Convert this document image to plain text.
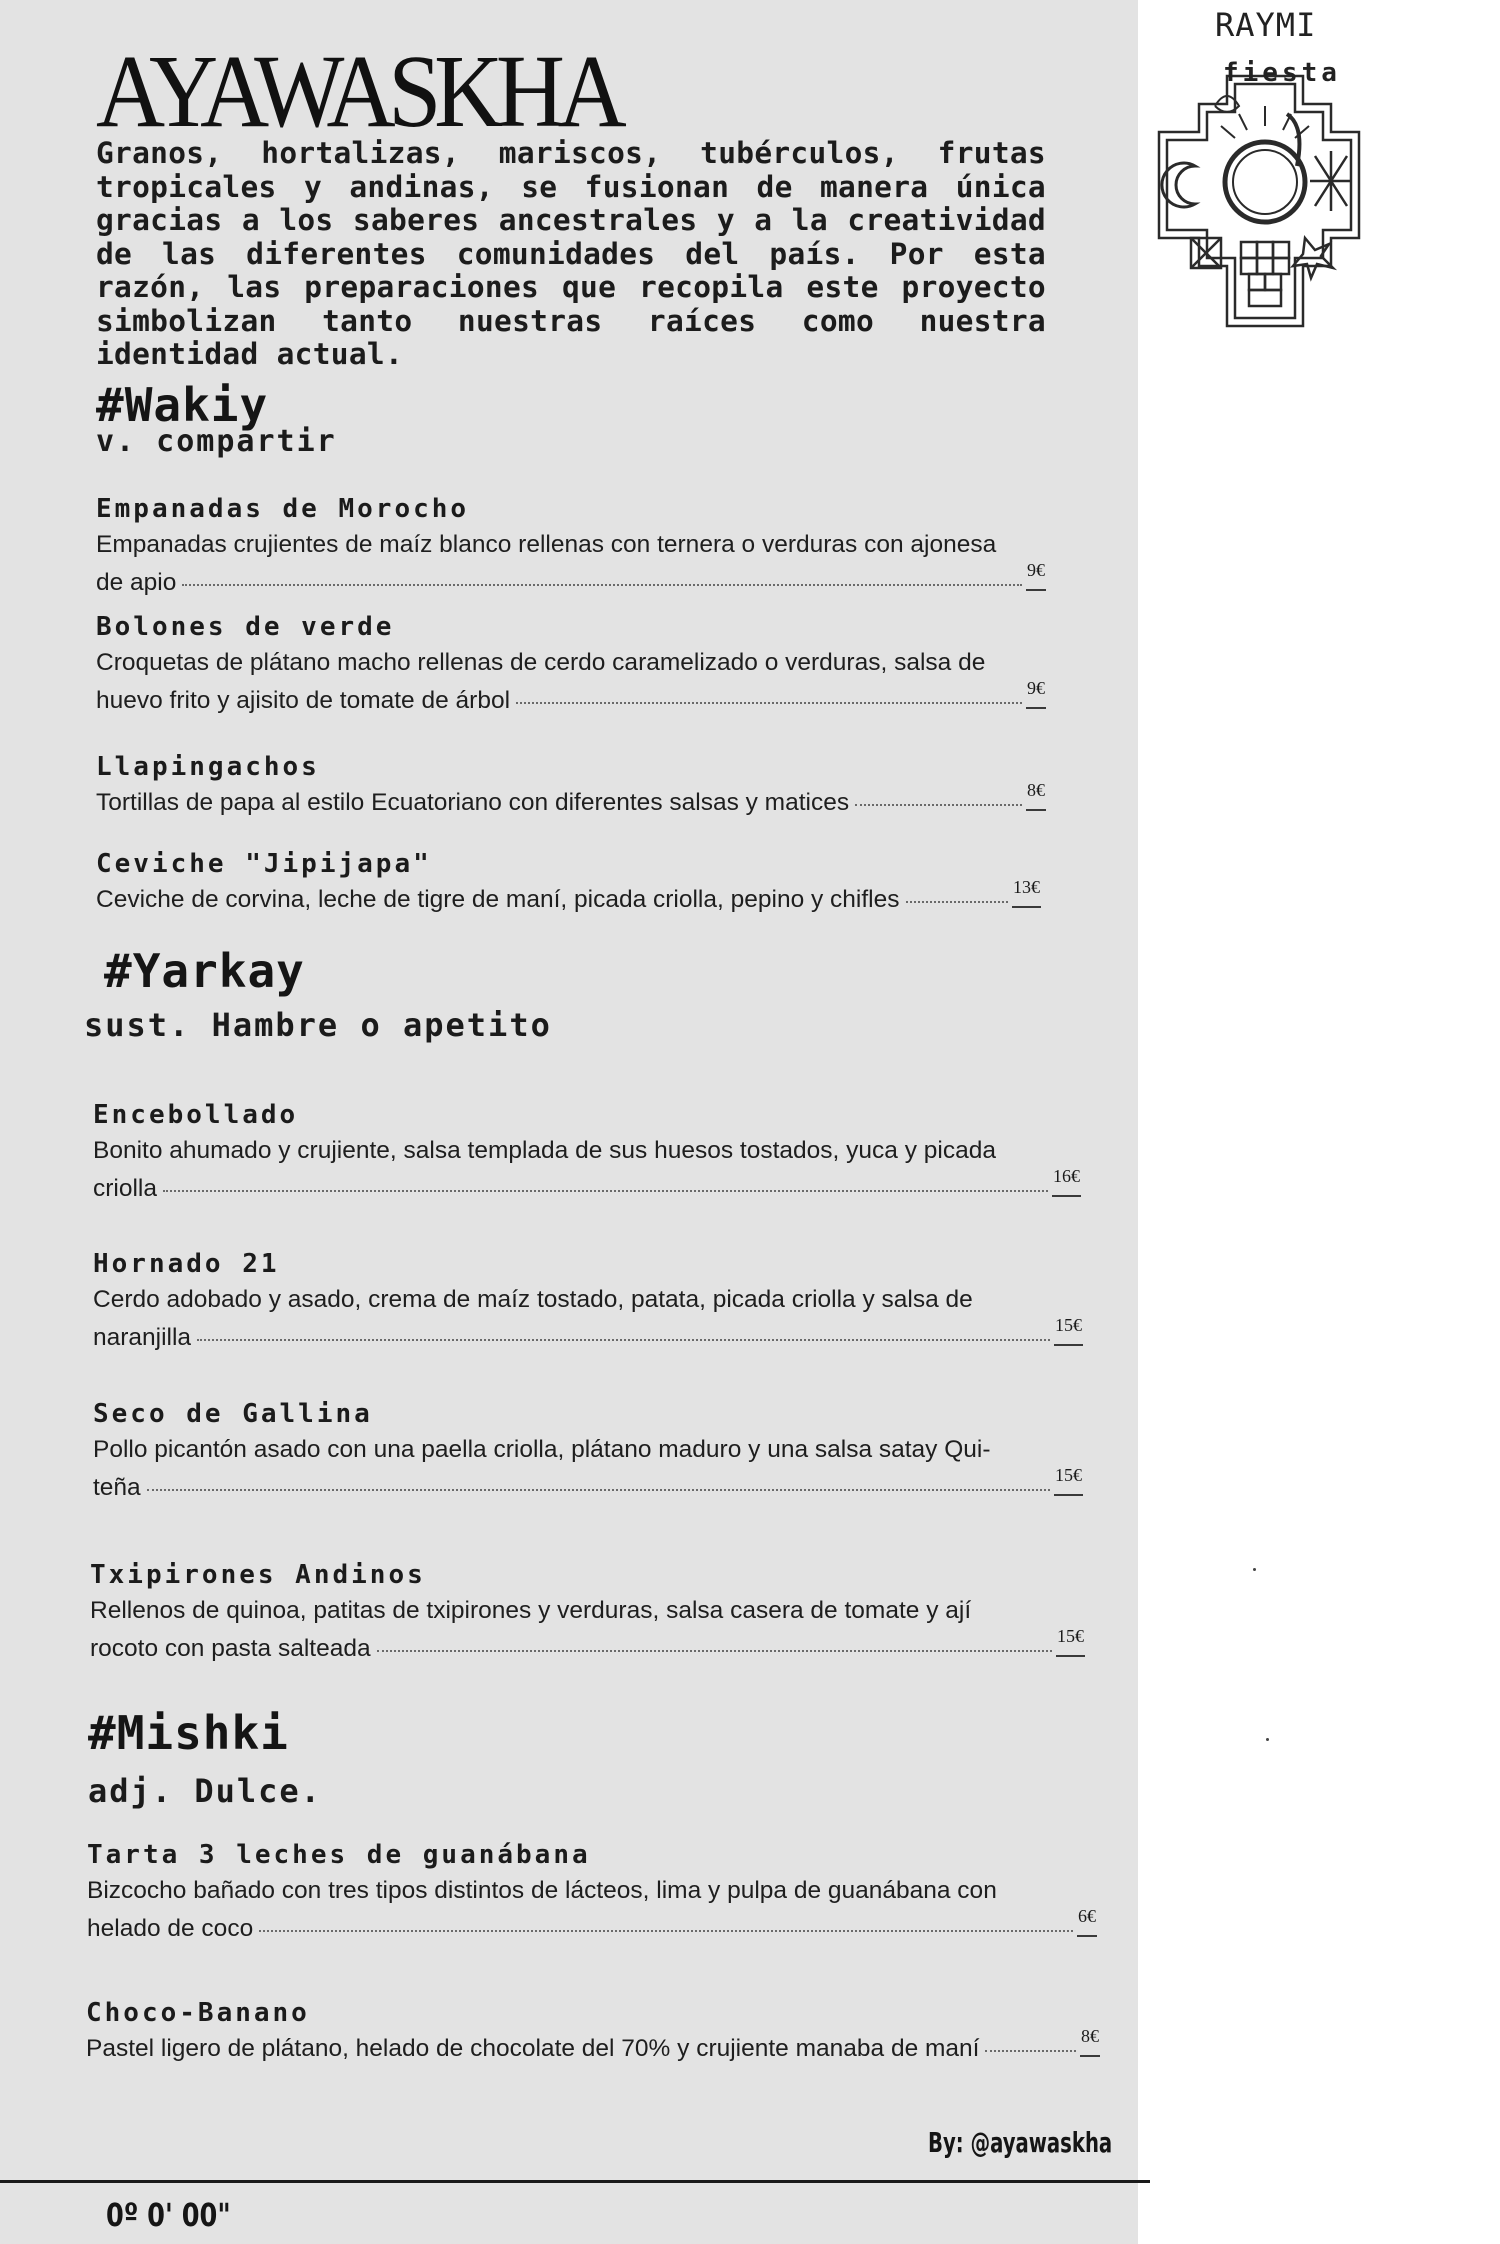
AYAWASKHA
Granos, hortalizas, mariscos, tubérculos, frutas tropicales y andinas, se fusionan de manera única gracias a los saberes ancestrales y a la creatividad de las diferentes comunidades del país. Por esta razón, las preparaciones que recopila este proyecto simbolizan tanto nuestras raíces como nuestra identidad actual.
RAYMI
fiesta
#Wakiy
v. compartir
Empanadas de Morocho
Empanadas crujientes de maíz blanco rellenas con ternera o verduras con ajonesa
de apio	9€
Bolones de verde
Croquetas de plátano macho rellenas de cerdo caramelizado o verduras, salsa de
huevo frito y ajisito de tomate de árbol	9€
Llapingachos
Tortillas de papa al estilo Ecuatoriano con diferentes salsas y matices	8€
Ceviche "Jipijapa"
Ceviche de corvina, leche de tigre de maní, picada criolla, pepino y chifles	13€
#Yarkay
sust. Hambre o apetito
Encebollado
Bonito ahumado y crujiente, salsa templada de sus huesos tostados, yuca y picada
criolla	16€
Hornado 21
Cerdo adobado y asado, crema de maíz tostado, patata, picada criolla y salsa de
naranjilla	15€
Seco de Gallina
Pollo picantón asado con una paella criolla, plátano maduro y una salsa satay Qui-
teña	15€
Txipirones Andinos
Rellenos de quinoa, patitas de txipirones y verduras, salsa casera de tomate y ají
rocoto con pasta salteada	15€
#Mishki
adj. Dulce.
Tarta 3 leches de guanábana
Bizcocho bañado con tres tipos distintos de lácteos, lima y pulpa de guanábana con
helado de coco	6€
Choco-Banano
Pastel ligero de plátano, helado de chocolate del 70% y crujiente manaba de maní	8€
By: @ayawaskha
0º 0' 00"
